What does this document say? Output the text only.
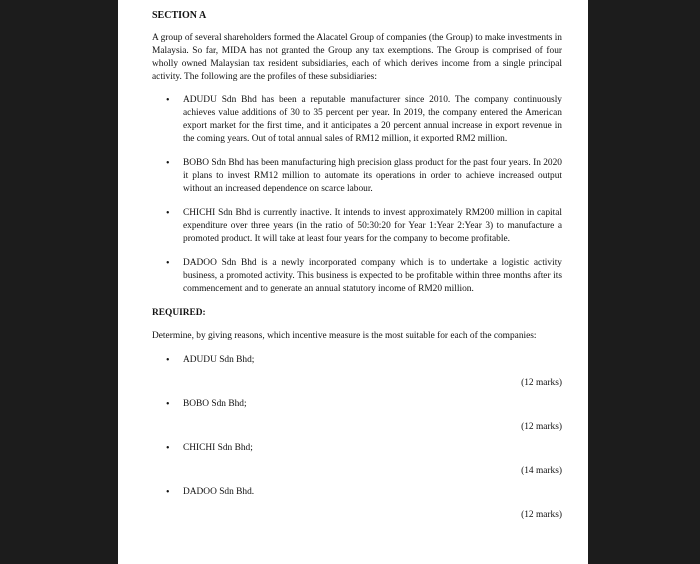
SECTION A

A group of several shareholders formed the Alacatel Group of companies (the Group) to make investments in Malaysia. So far, MIDA has not granted the Group any tax exemptions. The Group is comprised of four wholly owned Malaysian tax resident subsidiaries, each of which derives income from a single principal activity. The following are the profiles of these subsidiaries:

• ADUDU Sdn Bhd has been a reputable manufacturer since 2010. The company continuously achieves value additions of 30 to 35 percent per year. In 2019, the company entered the American export market for the first time, and it anticipates a 20 percent annual increase in export revenue in the coming years. Out of total annual sales of RM12 million, it exported RM2 million.
• BOBO Sdn Bhd has been manufacturing high precision glass product for the past four years. In 2020 it plans to invest RM12 million to automate its operations in order to achieve increased output without an increased dependence on scarce labour.
• CHICHI Sdn Bhd is currently inactive. It intends to invest approximately RM200 million in capital expenditure over three years (in the ratio of 50:30:20 for Year 1:Year 2:Year 3) to manufacture a promoted product. It will take at least four years for the company to become profitable.
• DADOO Sdn Bhd is a newly incorporated company which is to undertake a logistic activity business, a promoted activity. This business is expected to be profitable within three months after its commencement and to generate an annual statutory income of RM20 million.
REQUIRED:

Determine, by giving reasons, which incentive measure is the most suitable for each of the companies:

• ADUDU Sdn Bhd;
(12 marks)
• BOBO Sdn Bhd;
(12 marks)
• CHICHI Sdn Bhd;
(14 marks)
• DADOO Sdn Bhd.
(12 marks)
